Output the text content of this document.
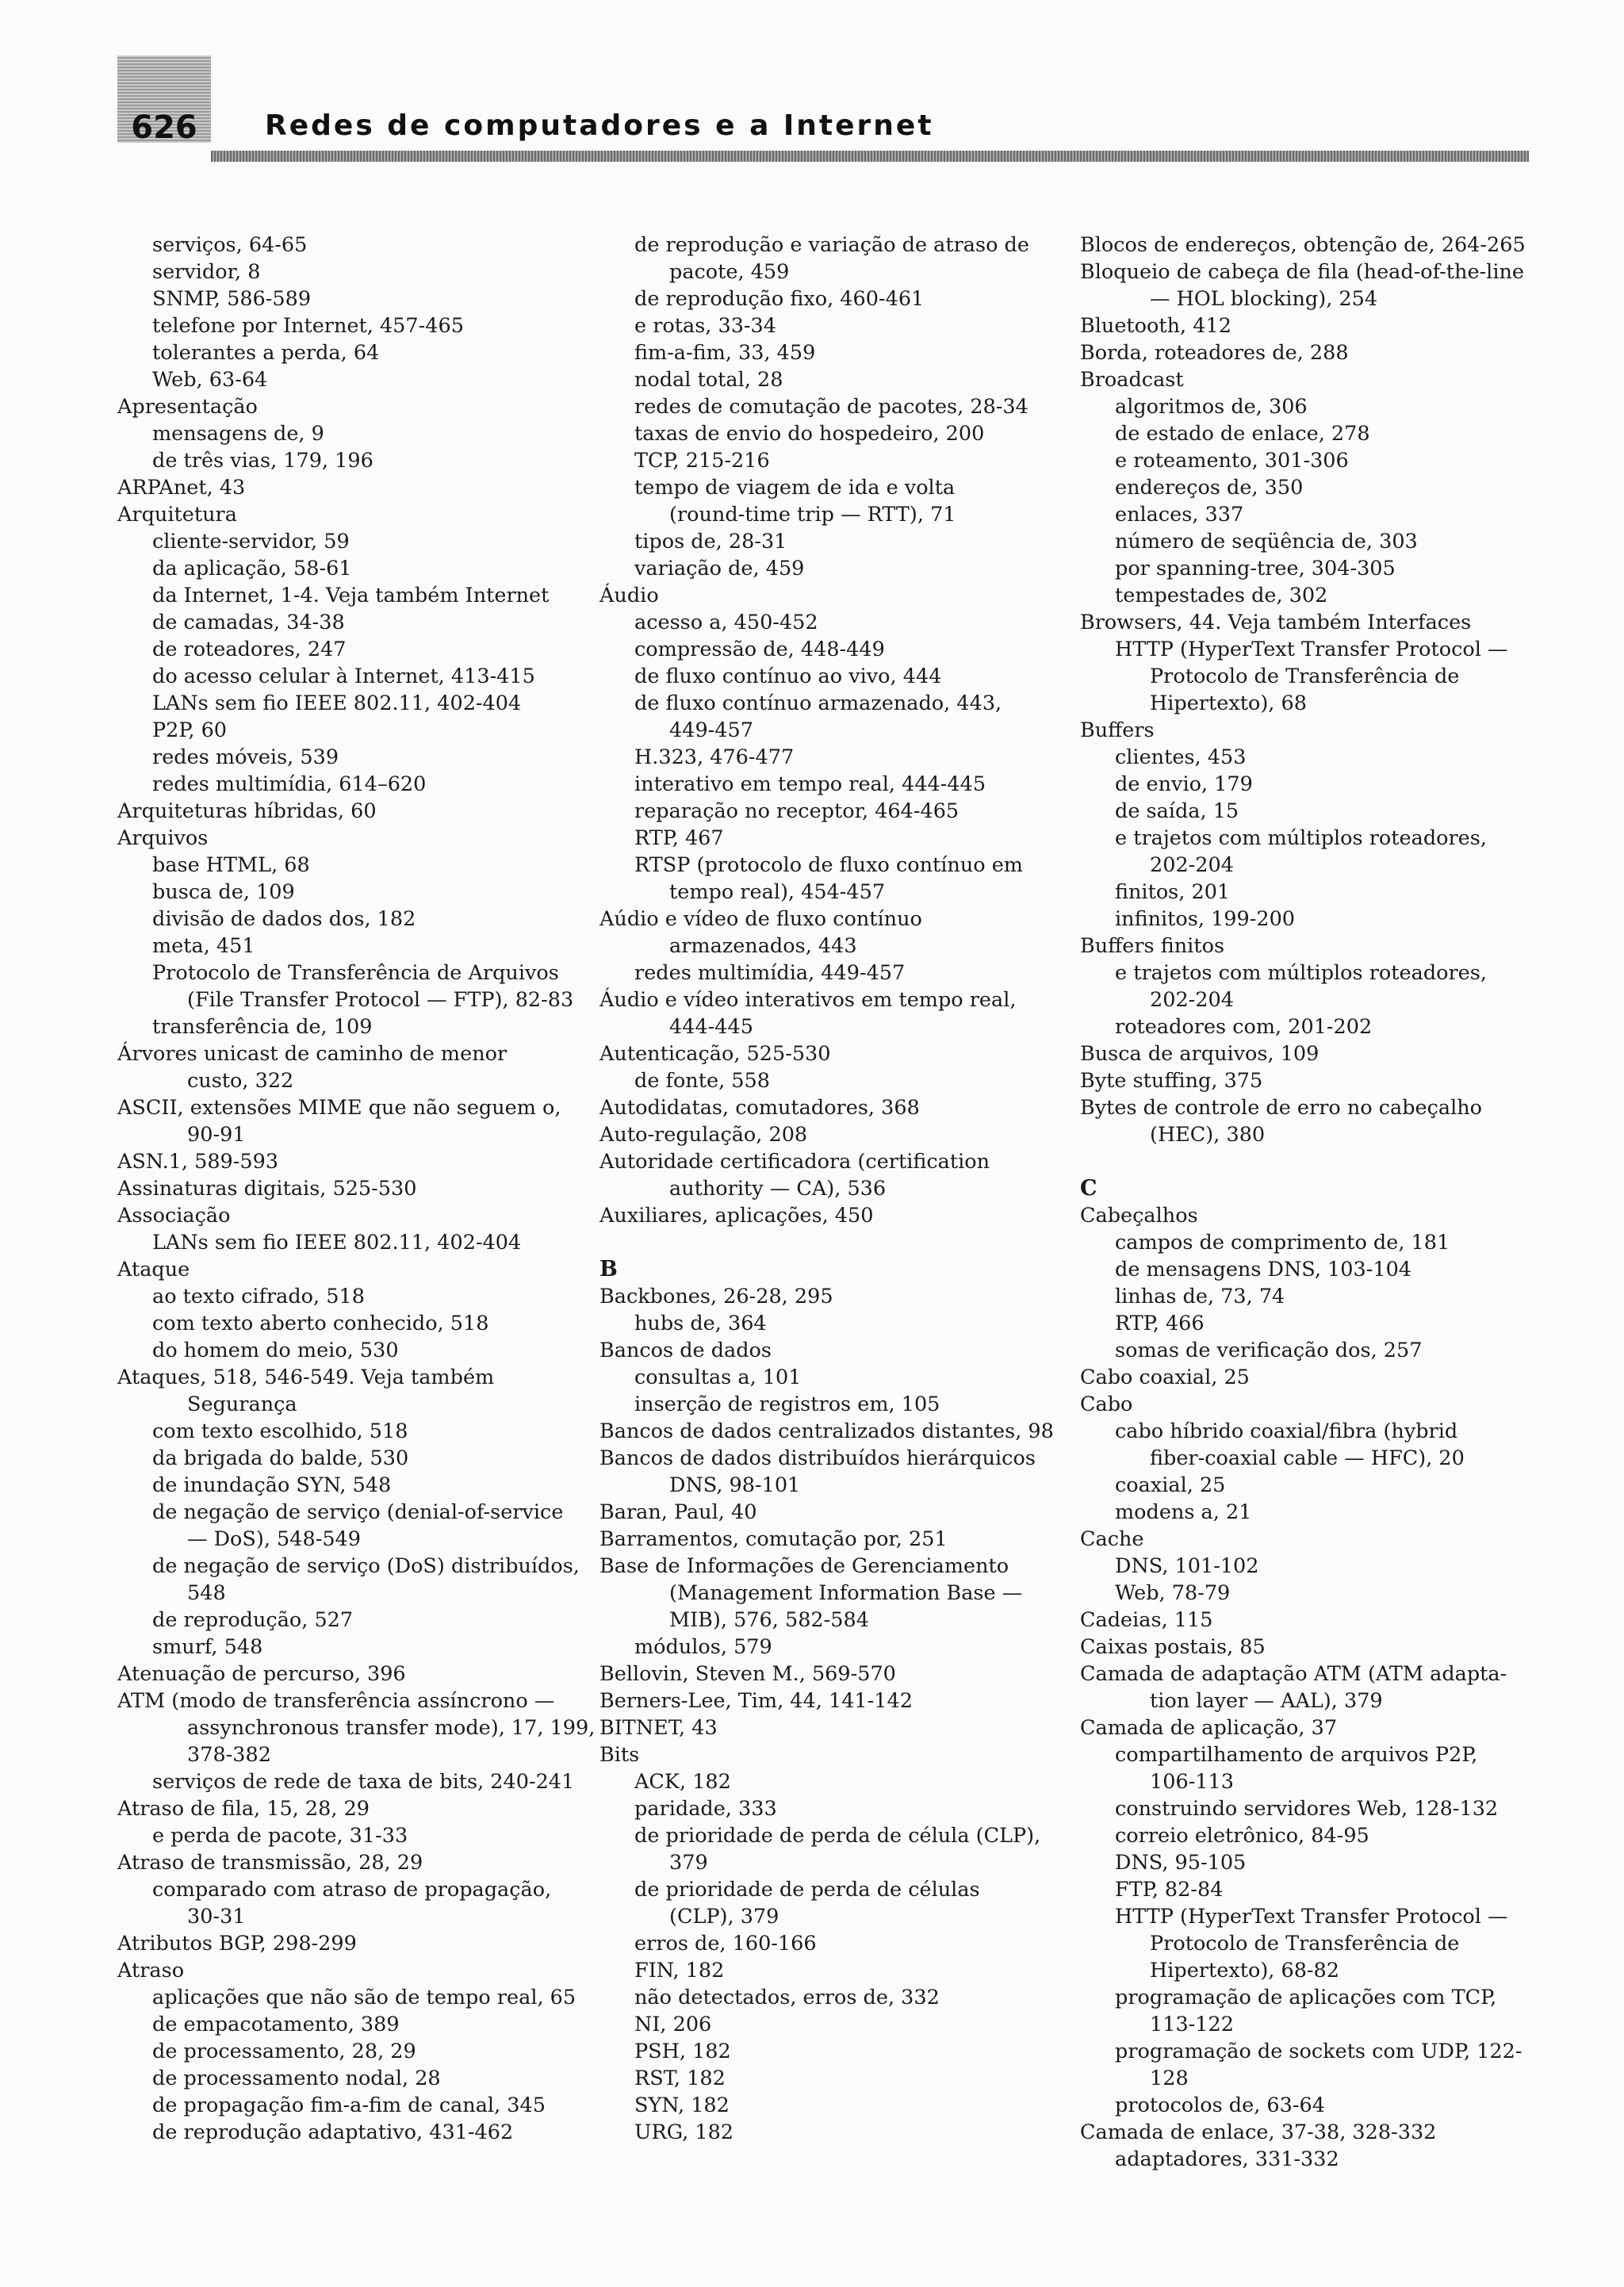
626	Redes de computadores e a Internet
serviços, 64-65
servidor, 8
SNMP, 586-589
telefone por Internet, 457-465
tolerantes a perda, 64
Web, 63-64
Apresentação
mensagens de, 9
de três vias, 179, 196
ARPAnet, 43
Arquitetura
cliente-servidor, 59
da aplicação, 58-61
da Internet, 1-4. Veja também Internet
de camadas, 34-38
de roteadores, 247
do acesso celular à Internet, 413-415
LANs sem fio IEEE 802.11, 402-404
P2P, 60
redes móveis, 539
redes multimídia, 614–620
Arquiteturas híbridas, 60
Arquivos
base HTML, 68
busca de, 109
divisão de dados dos, 182
meta, 451
Protocolo de Transferência de Arquivos
(File Transfer Protocol — FTP), 82-83
transferência de, 109
Árvores unicast de caminho de menor
custo, 322
ASCII, extensões MIME que não seguem o,
90-91
ASN.1, 589-593
Assinaturas digitais, 525-530
Associação
LANs sem fio IEEE 802.11, 402-404
Ataque
ao texto cifrado, 518
com texto aberto conhecido, 518
do homem do meio, 530
Ataques, 518, 546-549. Veja também
Segurança
com texto escolhido, 518
da brigada do balde, 530
de inundação SYN, 548
de negação de serviço (denial-of-service
— DoS), 548-549
de negação de serviço (DoS) distribuídos,
548
de reprodução, 527
smurf, 548
Atenuação de percurso, 396
ATM (modo de transferência assíncrono —
assynchronous transfer mode), 17, 199,
378-382
serviços de rede de taxa de bits, 240-241
Atraso de fila, 15, 28, 29
e perda de pacote, 31-33
Atraso de transmissão, 28, 29
comparado com atraso de propagação,
30-31
Atributos BGP, 298-299
Atraso
aplicações que não são de tempo real, 65
de empacotamento, 389
de processamento, 28, 29
de processamento nodal, 28
de propagação fim-a-fim de canal, 345
de reprodução adaptativo, 431-462
de reprodução e variação de atraso de
pacote, 459
de reprodução fixo, 460-461
e rotas, 33-34
fim-a-fim, 33, 459
nodal total, 28
redes de comutação de pacotes, 28-34
taxas de envio do hospedeiro, 200
TCP, 215-216
tempo de viagem de ida e volta
(round-time trip — RTT), 71
tipos de, 28-31
variação de, 459
Áudio
acesso a, 450-452
compressão de, 448-449
de fluxo contínuo ao vivo, 444
de fluxo contínuo armazenado, 443,
449-457
H.323, 476-477
interativo em tempo real, 444-445
reparação no receptor, 464-465
RTP, 467
RTSP (protocolo de fluxo contínuo em
tempo real), 454-457
Aúdio e vídeo de fluxo contínuo
armazenados, 443
redes multimídia, 449-457
Áudio e vídeo interativos em tempo real,
444-445
Autenticação, 525-530
de fonte, 558
Autodidatas, comutadores, 368
Auto-regulação, 208
Autoridade certificadora (certification
authority — CA), 536
Auxiliares, aplicações, 450
B
Backbones, 26-28, 295
hubs de, 364
Bancos de dados
consultas a, 101
inserção de registros em, 105
Bancos de dados centralizados distantes, 98
Bancos de dados distribuídos hierárquicos
DNS, 98-101
Baran, Paul, 40
Barramentos, comutação por, 251
Base de Informações de Gerenciamento
(Management Information Base —
MIB), 576, 582-584
módulos, 579
Bellovin, Steven M., 569-570
Berners-Lee, Tim, 44, 141-142
BITNET, 43
Bits
ACK, 182
paridade, 333
de prioridade de perda de célula (CLP),
379
de prioridade de perda de células
(CLP), 379
erros de, 160-166
FIN, 182
não detectados, erros de, 332
NI, 206
PSH, 182
RST, 182
SYN, 182
URG, 182
Blocos de endereços, obtenção de, 264-265
Bloqueio de cabeça de fila (head-of-the-line
— HOL blocking), 254
Bluetooth, 412
Borda, roteadores de, 288
Broadcast
algoritmos de, 306
de estado de enlace, 278
e roteamento, 301-306
endereços de, 350
enlaces, 337
número de seqüência de, 303
por spanning-tree, 304-305
tempestades de, 302
Browsers, 44. Veja também Interfaces
HTTP (HyperText Transfer Protocol —
Protocolo de Transferência de
Hipertexto), 68
Buffers
clientes, 453
de envio, 179
de saída, 15
e trajetos com múltiplos roteadores,
202-204
finitos, 201
infinitos, 199-200
Buffers finitos
e trajetos com múltiplos roteadores,
202-204
roteadores com, 201-202
Busca de arquivos, 109
Byte stuffing, 375
Bytes de controle de erro no cabeçalho
(HEC), 380
C
Cabeçalhos
campos de comprimento de, 181
de mensagens DNS, 103-104
linhas de, 73, 74
RTP, 466
somas de verificação dos, 257
Cabo coaxial, 25
Cabo
cabo híbrido coaxial/fibra (hybrid
fiber-coaxial cable — HFC), 20
coaxial, 25
modens a, 21
Cache
DNS, 101-102
Web, 78-79
Cadeias, 115
Caixas postais, 85
Camada de adaptação ATM (ATM adapta-
tion layer — AAL), 379
Camada de aplicação, 37
compartilhamento de arquivos P2P,
106-113
construindo servidores Web, 128-132
correio eletrônico, 84-95
DNS, 95-105
FTP, 82-84
HTTP (HyperText Transfer Protocol —
Protocolo de Transferência de
Hipertexto), 68-82
programação de aplicações com TCP,
113-122
programação de sockets com UDP, 122-
128
protocolos de, 63-64
Camada de enlace, 37-38, 328-332
adaptadores, 331-332
